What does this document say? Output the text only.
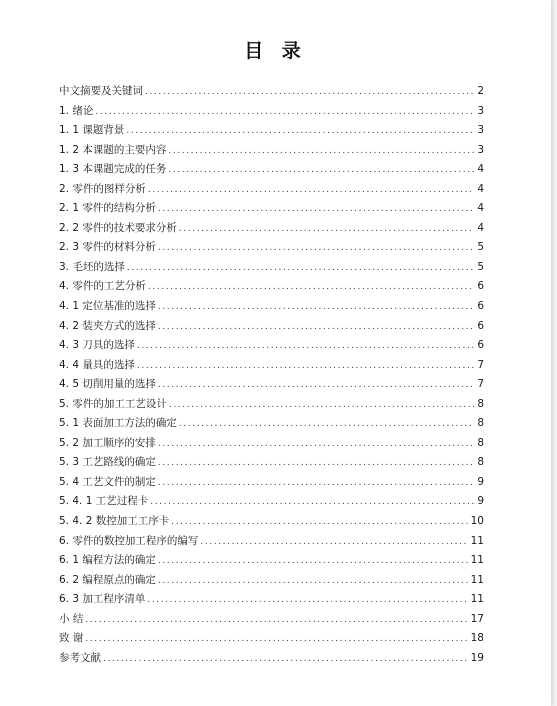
目 录
中文摘要及关键词 .....	2
1. 绪论 .....	3
1. 1 课题背景 .....	3
1. 2 本课题的主要内容 .....	3
1. 3 本课题完成的任务 .....	4
2. 零件的图样分析 .....	4
2. 1 零件的结构分析 .....	4
2. 2 零件的技术要求分析 .....	4
2. 3 零件的材料分析 .....	5
3. 毛坯的选择 .....	5
4. 零件的工艺分析 .....	6
4. 1 定位基准的选择 .....	6
4. 2 装夹方式的选择 .....	6
4. 3 刀具的选择 .....	6
4. 4 量具的选择 .....	7
4. 5 切削用量的选择 .....	7
5. 零件的加工工艺设计 .....	8
5. 1 表面加工方法的确定 .....	8
5. 2 加工顺序的安排 .....	8
5. 3 工艺路线的确定 .....	8
5. 4 工艺文件的制定 .....	9
5. 4. 1 工艺过程卡 .....	9
5. 4. 2 数控加工工序卡 .....	10
6. 零件的数控加工程序的编写 .....	11
6. 1 编程方法的确定 .....	11
6. 2 编程原点的确定 .....	11
6. 3 加工程序清单 .....	11
小 结 .....	17
致 谢 .....	18
参考文献 .....	19
